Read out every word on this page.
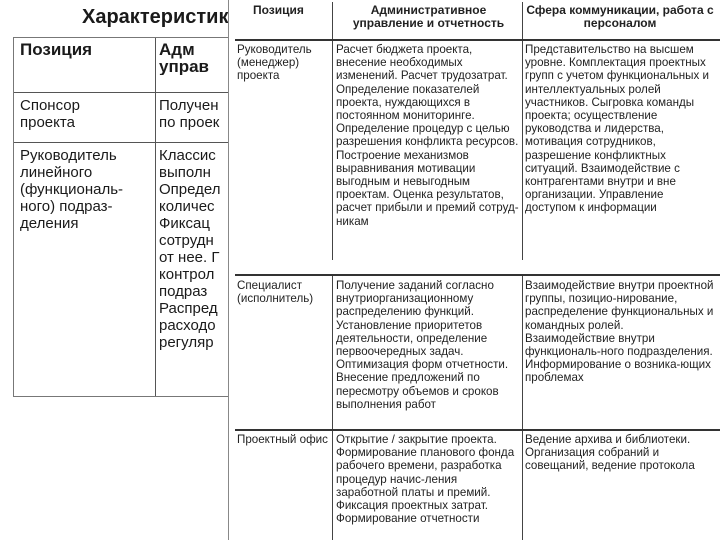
Характеристик
Позиция	Адм
управ
Спонсор
проекта
Получен
по проек
Руководитель
линейного
(функциональ-
ного) подраз-
деления
Классис
выполн
Определ
количес
Фиксац
сотрудн
от нее. Г
контрол
подраз
Распред
расходо
регуляр
Позиция	Административное управление и отчетность
Сфера коммуникации, работа с персоналом
Руководитель (менеджер) проекта
Расчет бюджета проекта, внесение необходимых изменений. Расчет трудозатрат. Определение показателей проекта, нуждающихся в постоянном мониторинге. Определение процедур с целью разрешения конфликта ресурсов. Построение механизмов выравнивания мотивации выгодным и невыгодным проектам. Оценка результатов, расчет прибыли и премий сотруд-никам
Представительство на высшем уровне. Комплектация проектных групп с учетом функциональных и интеллектуальных ролей участников. Сыгровка команды проекта; осуществление руководства и лидерства, мотивация сотрудников, разрешение конфликтных ситуаций. Взаимодействие с контрагентами внутри и вне организации. Управление доступом к информации
Специалист (исполнитель)
Получение заданий согласно внутриорганизационному распределению функций. Установление приоритетов деятельности, определение первоочередных задач. Оптимизация форм отчетности. Внесение предложений по пересмотру объемов и сроков выполнения работ
Взаимодействие внутри проектной группы, позицио-нирование, распределение функциональных и командных ролей. Взаимодействие внутри функциональ-ного подразделения. Информирование о возника-ющих проблемах
Проектный офис Открытие / закрытие проекта. Формирование планового фонда рабочего времени, разработка процедур начис-ления заработной платы и премий. Фиксация проектных затрат. Формирование отчетности
Ведение архива и библиотеки. Организация собраний и совещаний, ведение протокола
